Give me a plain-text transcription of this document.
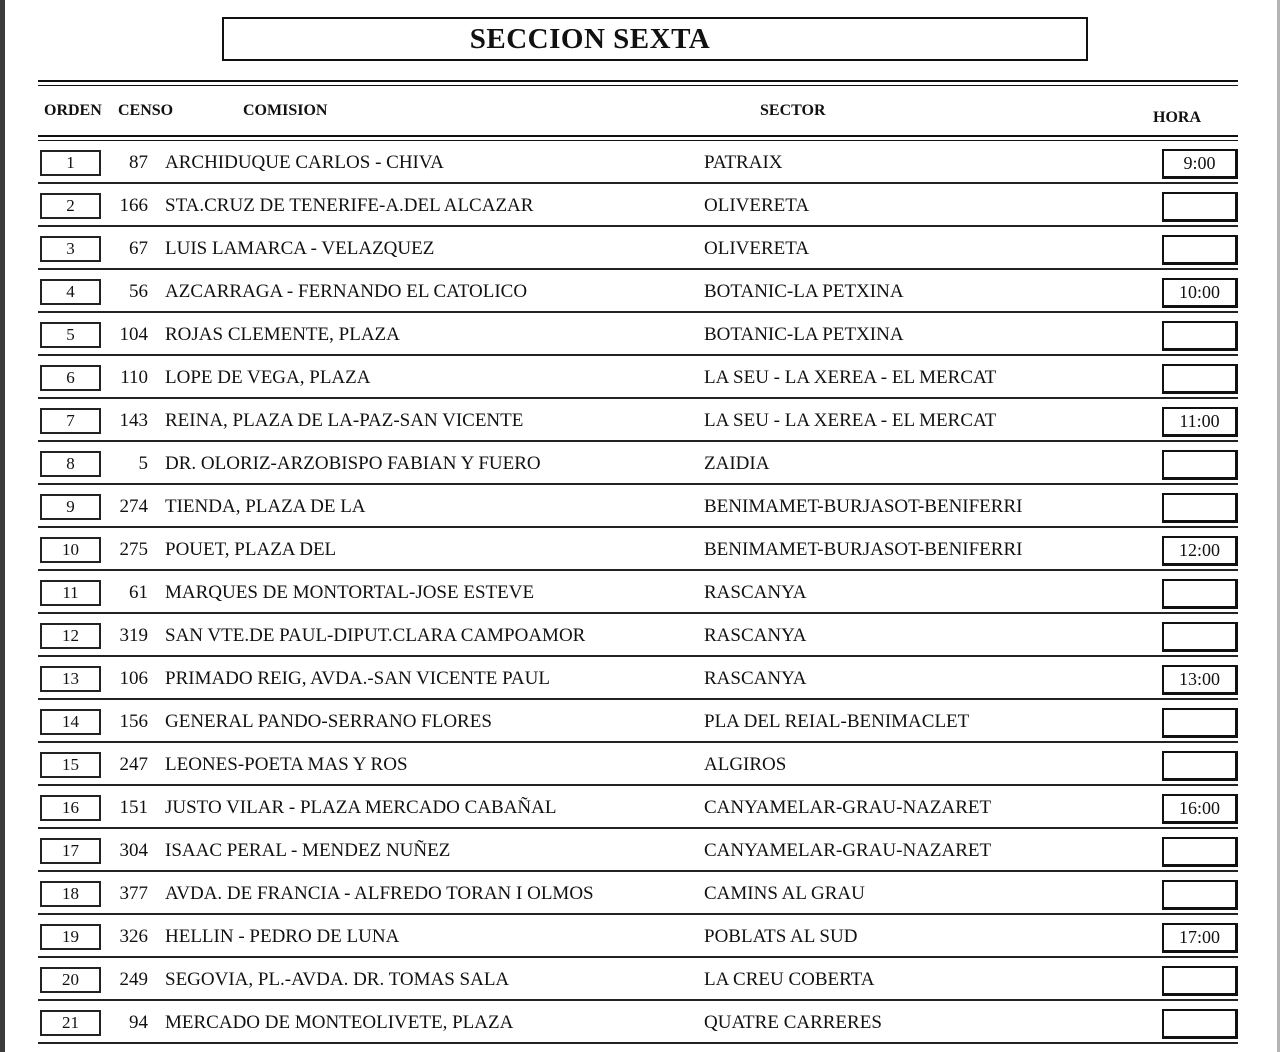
SECCION SEXTA
ORDEN CENSO	COMISION	SECTOR	HORA
1	87 ARCHIDUQUE CARLOS - CHIVA	PATRAIX	9:00
2	166 STA.CRUZ DE TENERIFE-A.DEL ALCAZAR	OLIVERETA
3	67 LUIS LAMARCA - VELAZQUEZ	OLIVERETA
4	56 AZCARRAGA - FERNANDO EL CATOLICO	BOTANIC-LA PETXINA	10:00
5	104 ROJAS CLEMENTE, PLAZA	BOTANIC-LA PETXINA
6	110 LOPE DE VEGA, PLAZA	LA SEU - LA XEREA - EL MERCAT
7	143 REINA, PLAZA DE LA-PAZ-SAN VICENTE	LA SEU - LA XEREA - EL MERCAT	11:00
8	5 DR. OLORIZ-ARZOBISPO FABIAN Y FUERO	ZAIDIA
9	274 TIENDA, PLAZA DE LA	BENIMAMET-BURJASOT-BENIFERRI
10	275 POUET, PLAZA DEL	BENIMAMET-BURJASOT-BENIFERRI	12:00
11	61 MARQUES DE MONTORTAL-JOSE ESTEVE	RASCANYA
12	319 SAN VTE.DE PAUL-DIPUT.CLARA CAMPOAMOR	RASCANYA
13	106 PRIMADO REIG, AVDA.-SAN VICENTE PAUL	RASCANYA	13:00
14	156 GENERAL PANDO-SERRANO FLORES	PLA DEL REIAL-BENIMACLET
15	247 LEONES-POETA MAS Y ROS	ALGIROS
16	151 JUSTO VILAR - PLAZA MERCADO CABAÑAL	CANYAMELAR-GRAU-NAZARET	16:00
17	304 ISAAC PERAL - MENDEZ NUÑEZ	CANYAMELAR-GRAU-NAZARET
18	377 AVDA. DE FRANCIA - ALFREDO TORAN I OLMOS	CAMINS AL GRAU
19	326 HELLIN - PEDRO DE LUNA	POBLATS AL SUD	17:00
20	249 SEGOVIA, PL.-AVDA. DR. TOMAS SALA	LA CREU COBERTA
21	94 MERCADO DE MONTEOLIVETE, PLAZA	QUATRE CARRERES
